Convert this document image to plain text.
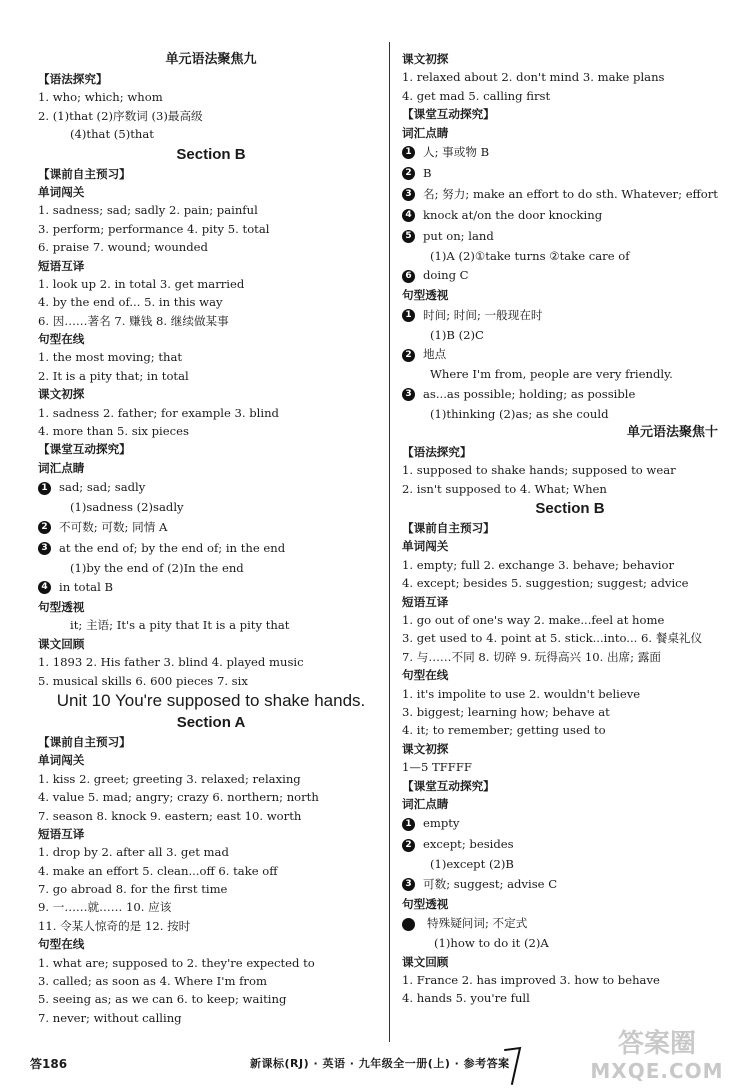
单元语法聚焦九
【语法探究】
1. who; which; whom
2. (1)that (2)序数词 (3)最高级
(4)that (5)that
Section B
【课前自主预习】
单词闯关
1. sadness; sad; sadly 2. pain; painful
3. perform; performance 4. pity 5. total
6. praise 7. wound; wounded
短语互译
1. look up 2. in total 3. get married
4. by the end of... 5. in this way
6. 因……著名 7. 赚钱 8. 继续做某事
句型在线
1. the most moving; that
2. It is a pity that; in total
课文初探
1. sadness 2. father; for example 3. blind
4. more than 5. six pieces
【课堂互动探究】
词汇点睛
1 sad; sad; sadly
(1)sadness (2)sadly
2 不可数; 可数; 同情 A
3 at the end of; by the end of; in the end
(1)by the end of (2)In the end
4 in total B
句型透视
it; 主语; It's a pity that It is a pity that
课文回顾
1. 1893 2. His father 3. blind 4. played music
5. musical skills 6. 600 pieces 7. six
Unit 10 You're supposed to shake hands.
Section A
【课前自主预习】
单词闯关
1. kiss 2. greet; greeting 3. relaxed; relaxing
4. value 5. mad; angry; crazy 6. northern; north
7. season 8. knock 9. eastern; east 10. worth
短语互译
1. drop by 2. after all 3. get mad
4. make an effort 5. clean...off 6. take off
7. go abroad 8. for the first time
9. 一……就…… 10. 应该
11. 令某人惊奇的是 12. 按时
句型在线
1. what are; supposed to 2. they're expected to
3. called; as soon as 4. Where I'm from
5. seeing as; as we can 6. to keep; waiting
7. never; without calling
课文初探
1. relaxed about 2. don't mind 3. make plans
4. get mad 5. calling first
【课堂互动探究】
词汇点睛
1 人; 事或物 B
2 B
3 名; 努力; make an effort to do sth. Whatever; effort
4 knock at/on the door knocking
5 put on; land
(1)A (2)①take turns ②take care of
6 doing C
句型透视
1 时间; 时间; 一般现在时
(1)B (2)C
2 地点
Where I'm from, people are very friendly.
3 as...as possible; holding; as possible
(1)thinking (2)as; as she could
单元语法聚焦十
【语法探究】
1. supposed to shake hands; supposed to wear
2. isn't supposed to 4. What; When
Section B
【课前自主预习】
单词闯关
1. empty; full 2. exchange 3. behave; behavior
4. except; besides 5. suggestion; suggest; advice
短语互译
1. go out of one's way 2. make...feel at home
3. get used to 4. point at 5. stick...into... 6. 餐桌礼仪
7. 与……不同 8. 切碎 9. 玩得高兴 10. 出席; 露面
句型在线
1. it's impolite to use 2. wouldn't believe
3. biggest; learning how; behave at
4. it; to remember; getting used to
课文初探
1—5 TFFFF
【课堂互动探究】
词汇点睛
1 empty
2 except; besides
(1)except (2)B
3 可数; suggest; advise C
句型透视
特殊疑问词; 不定式
(1)how to do it (2)A
课文回顾
1. France 2. has improved 3. how to behave
4. hands 5. you're full
答186	新课标(RJ) · 英语 · 九年级全一册(上) · 参考答案
答案圈
MXQE.COM
